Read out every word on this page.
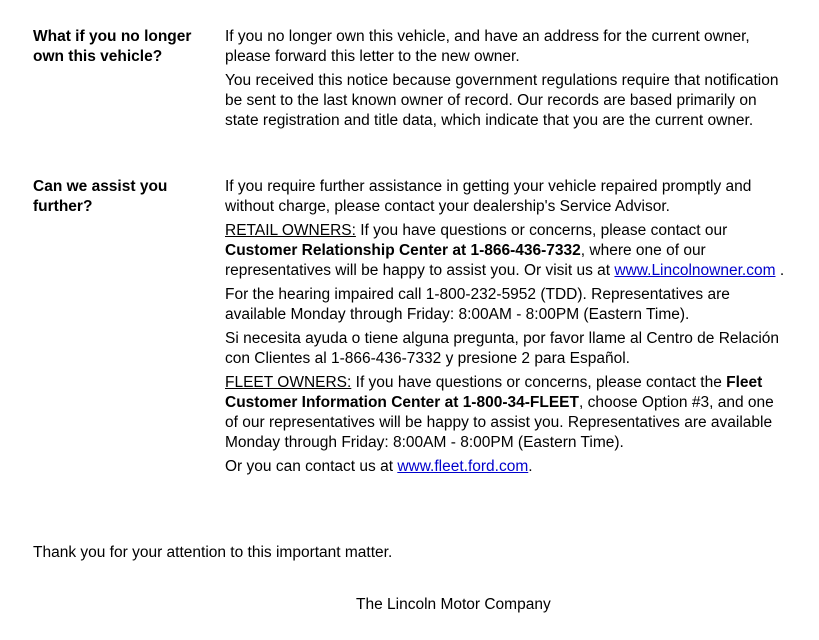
What if you no longer own this vehicle?

If you no longer own this vehicle, and have an address for the current owner, please forward this letter to the new owner.

You received this notice because government regulations require that notification be sent to the last known owner of record. Our records are based primarily on state registration and title data, which indicate that you are the current owner.

Can we assist you further?

If you require further assistance in getting your vehicle repaired promptly and without charge, please contact your dealership's Service Advisor.

RETAIL OWNERS: If you have questions or concerns, please contact our Customer Relationship Center at 1-866-436-7332, where one of our representatives will be happy to assist you. Or visit us at www.Lincolnowner.com .

For the hearing impaired call 1-800-232-5952 (TDD). Representatives are available Monday through Friday: 8:00AM - 8:00PM (Eastern Time).

Si necesita ayuda o tiene alguna pregunta, por favor llame al Centro de Relación con Clientes al 1-866-436-7332 y presione 2 para Español.

FLEET OWNERS: If you have questions or concerns, please contact the Fleet Customer Information Center at 1-800-34-FLEET, choose Option #3, and one of our representatives will be happy to assist you. Representatives are available Monday through Friday: 8:00AM - 8:00PM (Eastern Time).

Or you can contact us at www.fleet.ford.com.

Thank you for your attention to this important matter.
The Lincoln Motor Company
